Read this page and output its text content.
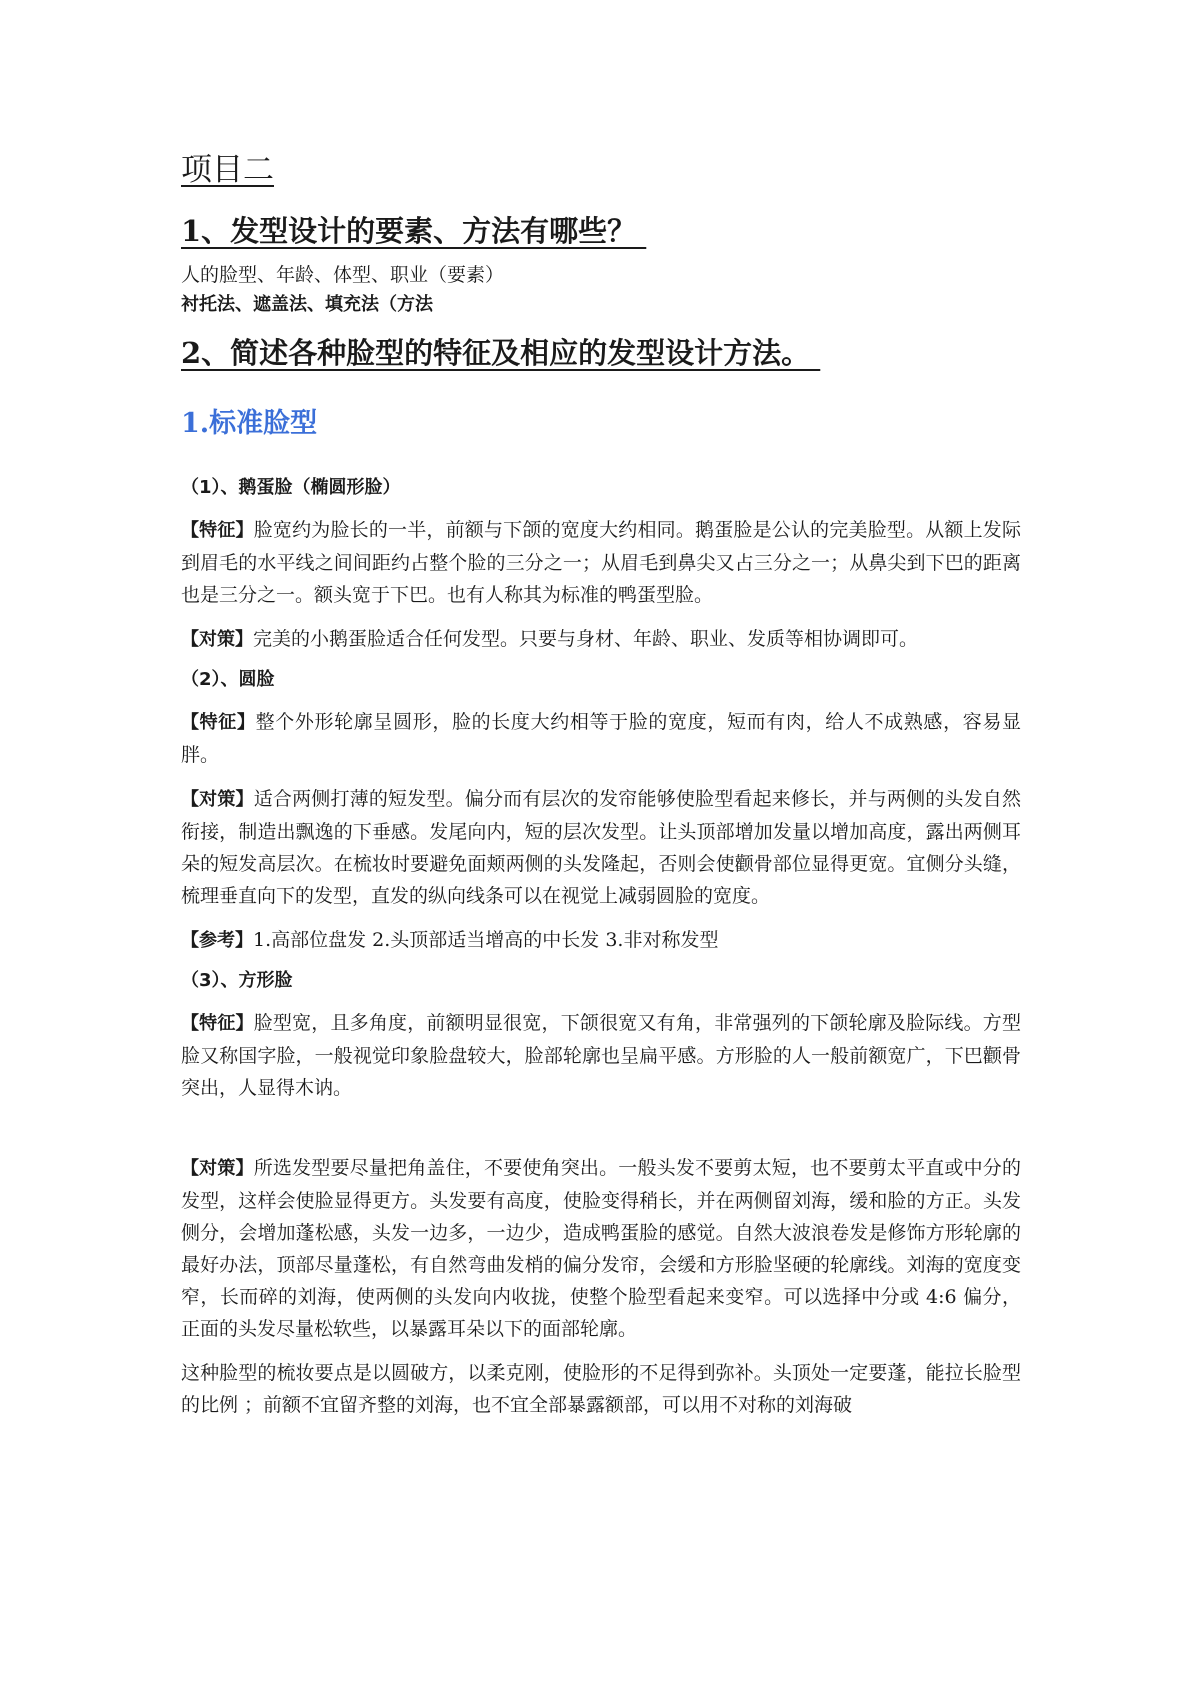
项目二
1、发型设计的要素、方法有哪些？

人的脸型、年龄、体型、职业（要素）

衬托法、遮盖法、填充法（方法

2、简述各种脸型的特征及相应的发型设计方法。
1.标准脸型

（1）、鹅蛋脸（椭圆形脸）

【特征】脸宽约为脸长的一半，前额与下颌的宽度大约相同。鹅蛋脸是公认的完美脸型。从额上发际到眉毛的水平线之间间距约占整个脸的三分之一；从眉毛到鼻尖又占三分之一；从鼻尖到下巴的距离也是三分之一。额头宽于下巴。也有人称其为标准的鸭蛋型脸。

【对策】完美的小鹅蛋脸适合任何发型。只要与身材、年龄、职业、发质等相协调即可。

（2）、圆脸

【特征】整个外形轮廓呈圆形，脸的长度大约相等于脸的宽度，短而有肉，给人不成熟感，容易显胖。

【对策】适合两侧打薄的短发型。偏分而有层次的发帘能够使脸型看起来修长，并与两侧的头发自然衔接，制造出飘逸的下垂感。发尾向内，短的层次发型。让头顶部增加发量以增加高度，露出两侧耳朵的短发高层次。在梳妆时要避免面颊两侧的头发隆起，否则会使颧骨部位显得更宽。宜侧分头缝，梳理垂直向下的发型，直发的纵向线条可以在视觉上减弱圆脸的宽度。

【参考】1.高部位盘发 2.头顶部适当增高的中长发 3.非对称发型

（3）、方形脸

【特征】脸型宽，且多角度，前额明显很宽，下颌很宽又有角，非常强列的下颌轮廓及脸际线。方型脸又称国字脸，一般视觉印象脸盘较大，脸部轮廓也呈扁平感。方形脸的人一般前额宽广，下巴颧骨突出，人显得木讷。

【对策】所选发型要尽量把角盖住，不要使角突出。一般头发不要剪太短，也不要剪太平直或中分的发型，这样会使脸显得更方。头发要有高度，使脸变得稍长，并在两侧留刘海，缓和脸的方正。头发侧分，会增加蓬松感，头发一边多，一边少，造成鸭蛋脸的感觉。自然大波浪卷发是修饰方形轮廓的最好办法，顶部尽量蓬松，有自然弯曲发梢的偏分发帘，会缓和方形脸坚硬的轮廓线。刘海的宽度变窄，长而碎的刘海，使两侧的头发向内收拢，使整个脸型看起来变窄。可以选择中分或 4:6 偏分，正面的头发尽量松软些，以暴露耳朵以下的面部轮廓。

这种脸型的梳妆要点是以圆破方，以柔克刚，使脸形的不足得到弥补。头顶处一定要蓬，能拉长脸型的比例 ；前额不宜留齐整的刘海，也不宜全部暴露额部，可以用不对称的刘海破
